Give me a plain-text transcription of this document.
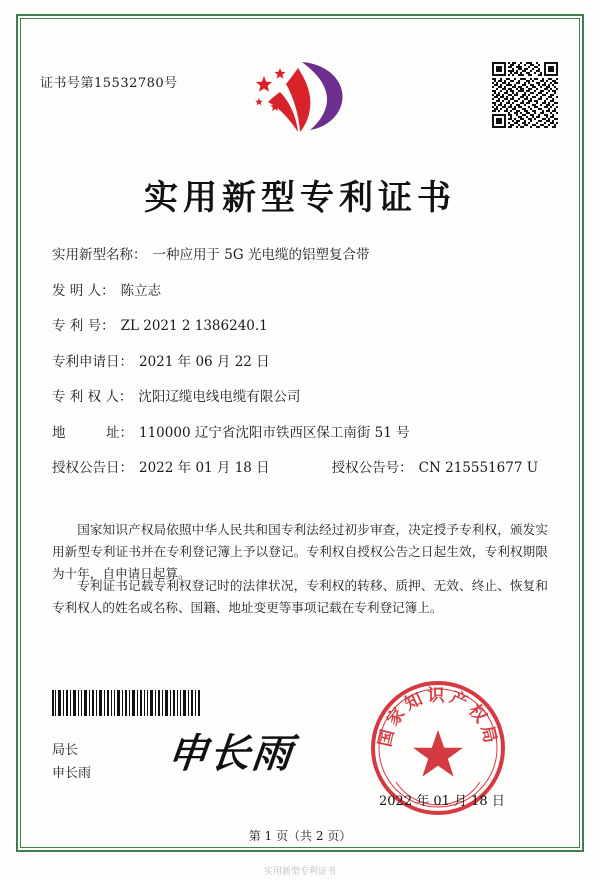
证书号第15532780号
实用新型专利证书
实用新型名称： 一种应用于 5G 光电缆的铝塑复合带
发 明 人： 陈立志
专 利 号： ZL 2021 2 1386240.1
专利申请日： 2021 年 06 月 22 日
专 利 权 人： 沈阳辽缆电线电缆有限公司
地　　　址： 110000 辽宁省沈阳市铁西区保工南街 51 号
授权公告日： 2022 年 01 月 18 日	授权公告号： CN 215551677 U
国家知识产权局依照中华人民共和国专利法经过初步审查，决定授予专利权，颁发实用新型专利证书并在专利登记簿上予以登记。专利权自授权公告之日起生效，专利权期限为十年，自申请日起算。
专利证书记载专利权登记时的法律状况，专利权的转移、质押、无效、终止、恢复和专利权人的姓名或名称、国籍、地址变更等事项记载在专利登记簿上。
局长
申长雨 申长雨	国家知识产权局
2022 年 01 月 18 日
第 1 页（共 2 页）
实用新型专利证书
